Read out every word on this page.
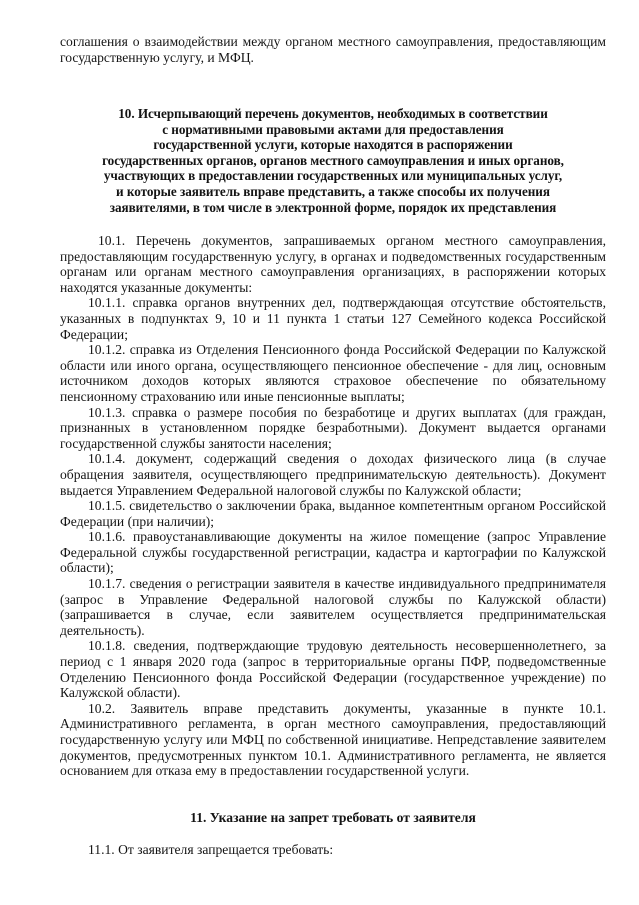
соглашения о взаимодействии между органом местного самоуправления, предоставляющим государственную услугу, и МФЦ.

10. Исчерпывающий перечень документов, необходимых в соответствии
с нормативными правовыми актами для предоставления
государственной услуги, которые находятся в распоряжении
государственных органов, органов местного самоуправления и иных органов,
участвующих в предоставлении государственных или муниципальных услуг,
и которые заявитель вправе представить, а также способы их получения
заявителями, в том числе в электронной форме, порядок их представления

10.1. Перечень документов, запрашиваемых органом местного самоуправления, предоставляющим государственную услугу, в органах и подведомственных государственным органам или органам местного самоуправления организациях, в распоряжении которых находятся указанные документы:

10.1.1. справка органов внутренних дел, подтверждающая отсутствие обстоятельств, указанных в подпунктах 9, 10 и 11 пункта 1 статьи 127 Семейного кодекса Российской Федерации;

10.1.2. справка из Отделения Пенсионного фонда Российской Федерации по Калужской области или иного органа, осуществляющего пенсионное обеспечение - для лиц, основным источником доходов которых являются страховое обеспечение по обязательному пенсионному страхованию или иные пенсионные выплаты;

10.1.3. справка о размере пособия по безработице и других выплатах (для граждан, признанных в установленном порядке безработными). Документ выдается органами государственной службы занятости населения;

10.1.4. документ, содержащий сведения о доходах физического лица (в случае обращения заявителя, осуществляющего предпринимательскую деятельность). Документ выдается Управлением Федеральной налоговой службы по Калужской области;

10.1.5. свидетельство о заключении брака, выданное компетентным органом Российской Федерации (при наличии);

10.1.6. правоустанавливающие документы на жилое помещение (запрос Управление Федеральной службы государственной регистрации, кадастра и картографии по Калужской области);

10.1.7. сведения о регистрации заявителя в качестве индивидуального предпринимателя (запрос в Управление Федеральной налоговой службы по Калужской области) (запрашивается в случае, если заявителем осуществляется предпринимательская деятельность).

10.1.8. сведения, подтверждающие трудовую деятельность несовершеннолетнего, за период с 1 января 2020 года (запрос в территориальные органы ПФР, подведомственные Отделению Пенсионного фонда Российской Федерации (государственное учреждение) по Калужской области).

10.2. Заявитель вправе представить документы, указанные в пункте 10.1. Административного регламента, в орган местного самоуправления, предоставляющий государственную услугу или МФЦ по собственной инициативе. Непредставление заявителем документов, предусмотренных пунктом 10.1. Административного регламента, не является основанием для отказа ему в предоставлении государственной услуги.

11. Указание на запрет требовать от заявителя

11.1. От заявителя запрещается требовать:
